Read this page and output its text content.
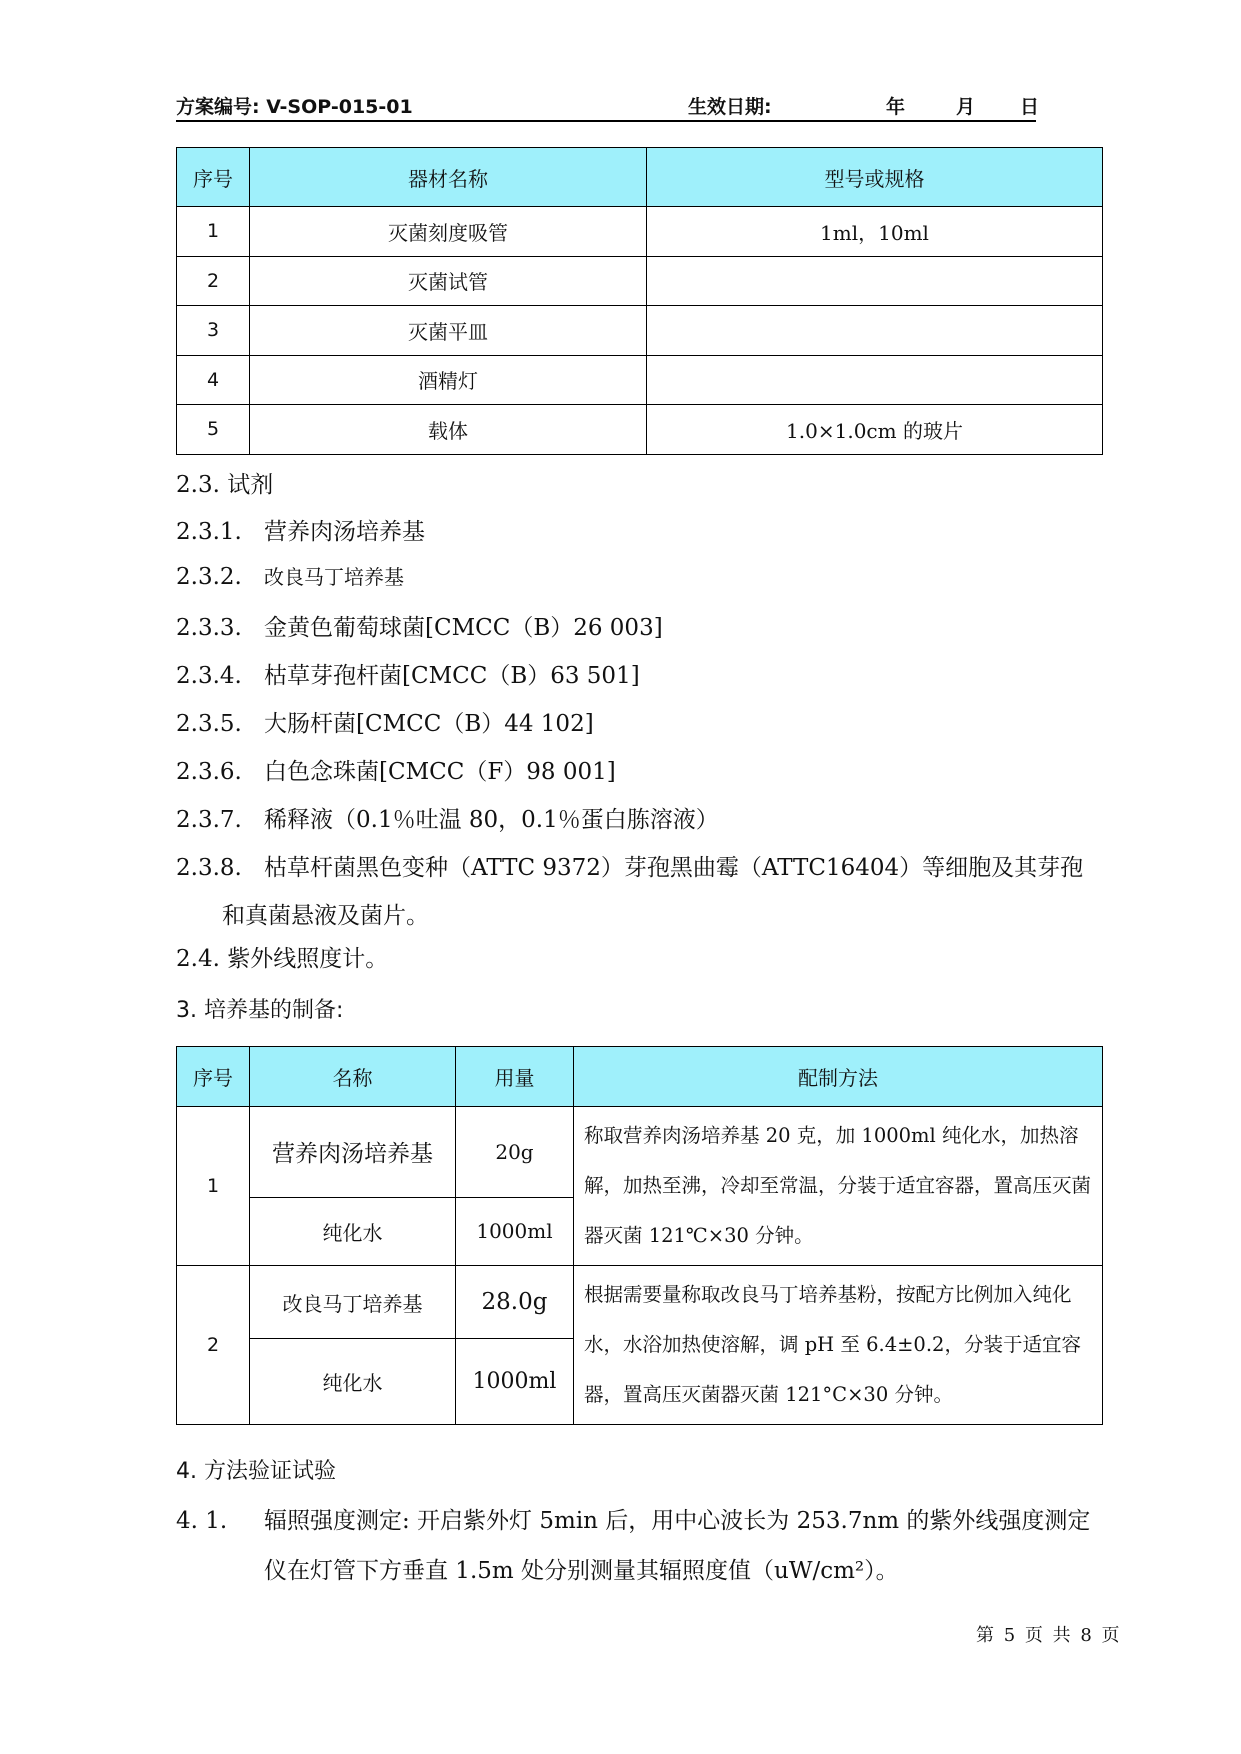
方案编号: V-SOP-015-01	生效日期:	年	月 日
序号	器材名称	型号或规格
1	灭菌刻度吸管	1ml，10ml
2	灭菌试管	
3	灭菌平皿	
4	酒精灯	
5	载体	1.0×1.0cm 的玻片
2.3. 试剂
2.3.1. 营养肉汤培养基
2.3.2. 改良马丁培养基
2.3.3. 金黄色葡萄球菌[CMCC（B）26 003]
2.3.4. 枯草芽孢杆菌[CMCC（B）63 501]
2.3.5. 大肠杆菌[CMCC（B）44 102]
2.3.6. 白色念珠菌[CMCC（F）98 001]
2.3.7. 稀释液（0.1％吐温 80，0.1％蛋白胨溶液）
2.3.8. 枯草杆菌黑色变种（ATTC 9372）芽孢黑曲霉（ATTC16404）等细胞及其芽孢
和真菌悬液及菌片。
2.4. 紫外线照度计。
3. 培养基的制备:
序号	名称	用量	配制方法
1	营养肉汤培养基	20g	称取营养肉汤培养基 20 克，加 1000ml 纯化水，加热溶解，加热至沸，冷却至常温，分装于适宜容器，置高压灭菌器灭菌 121℃×30 分钟。
	纯化水	1000ml	
2	改良马丁培养基	28.0g	根据需要量称取改良马丁培养基粉，按配方比例加入纯化水，水浴加热使溶解，调 pH 至 6.4±0.2，分装于适宜容器，置高压灭菌器灭菌 121°C×30 分钟。
	纯化水	1000ml	
4. 方法验证试验
4. 1. 辐照强度测定: 开启紫外灯 5min 后，用中心波长为 253.7nm 的紫外线强度测定
仪在灯管下方垂直 1.5m 处分别测量其辐照度值（uW/cm²）。
第 5 页 共 8 页
